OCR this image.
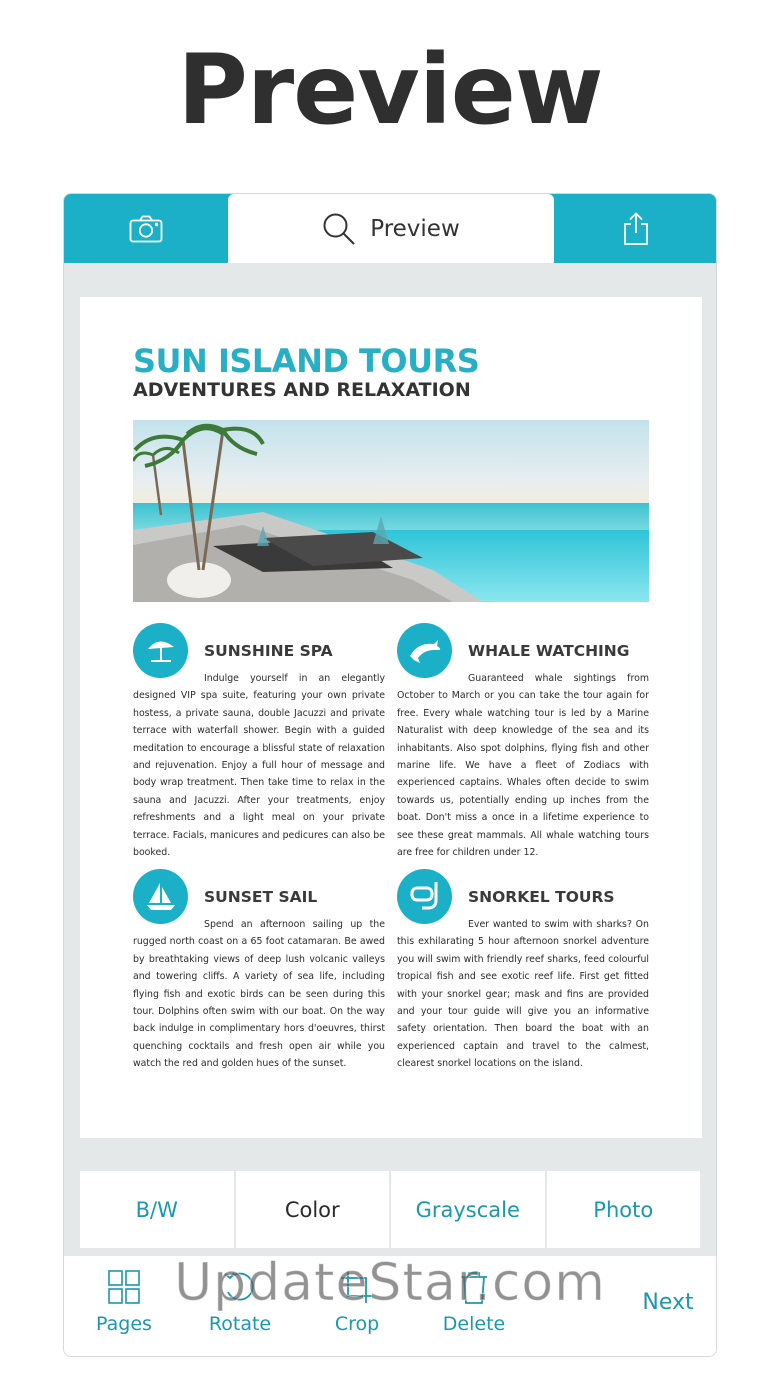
Preview
Preview
SUN ISLAND TOURS
ADVENTURES AND RELAXATION
SUNSHINE SPA
Indulge yourself in an elegantly designed VIP spa suite, featuring your own private hostess, a private sauna, double Jacuzzi and private terrace with waterfall shower. Begin with a guided meditation to encourage a blissful state of relaxation and rejuvenation. Enjoy a full hour of message and body wrap treatment. Then take time to relax in the sauna and Jacuzzi. After your treatments, enjoy refreshments and a light meal on your private terrace. Facials, manicures and pedicures can also be booked.
WHALE WATCHING
Guaranteed whale sightings from October to March or you can take the tour again for free. Every whale watching tour is led by a Marine Naturalist with deep knowledge of the sea and its inhabitants. Also spot dolphins, flying fish and other marine life. We have a fleet of Zodiacs with experienced captains. Whales often decide to swim towards us, potentially ending up inches from the boat. Don't miss a once in a lifetime experience to see these great mammals. All whale watching tours are free for children under 12.
SUNSET SAIL
Spend an afternoon sailing up the rugged north coast on a 65 foot catamaran. Be awed by breathtaking views of deep lush volcanic valleys and towering cliffs. A variety of sea life, including flying fish and exotic birds can be seen during this tour. Dolphins often swim with our boat. On the way back indulge in complimentary hors d'oeuvres, thirst quenching cocktails and fresh open air while you watch the red and golden hues of the sunset.
SNORKEL TOURS
Ever wanted to swim with sharks? On this exhilarating 5 hour afternoon snorkel adventure you will swim with friendly reef sharks, feed colourful tropical fish and see exotic reef life. First get fitted with your snorkel gear; mask and fins are provided and your tour guide will give you an informative safety orientation. Then board the boat with an experienced captain and travel to the calmest, clearest snorkel locations on the island.
B/W	Color	Grayscale	Photo
Pages	Rotate	Crop	Delete
Next
UpdateStar.com
